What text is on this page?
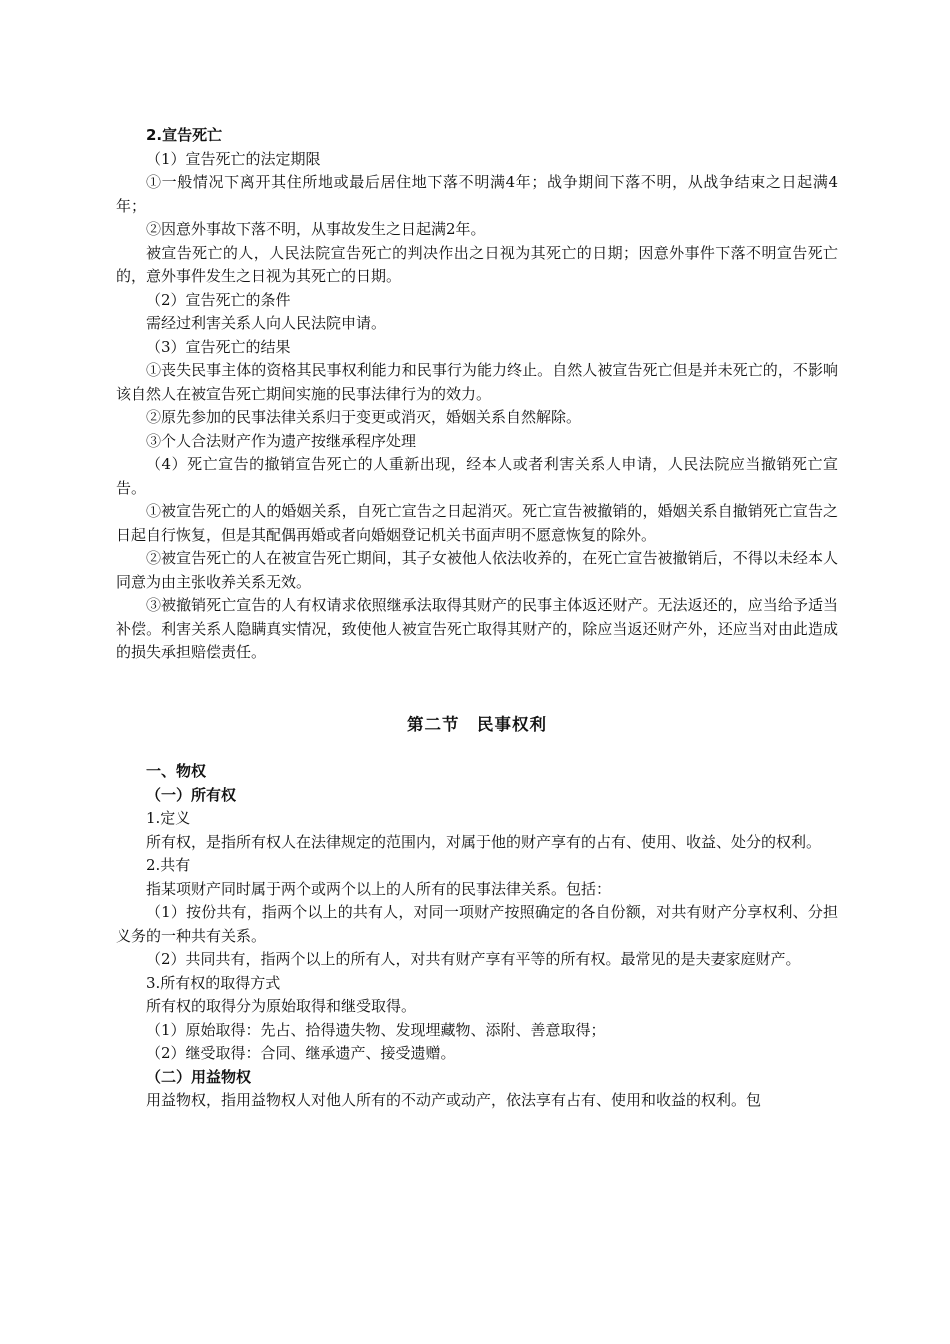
2.宣告死亡

（1）宣告死亡的法定期限

①一般情况下离开其住所地或最后居住地下落不明满4年；战争期间下落不明，从战争结束之日起满4年；

②因意外事故下落不明，从事故发生之日起满2年。

被宣告死亡的人，人民法院宣告死亡的判决作出之日视为其死亡的日期；因意外事件下落不明宣告死亡的，意外事件发生之日视为其死亡的日期。

（2）宣告死亡的条件

需经过利害关系人向人民法院申请。

（3）宣告死亡的结果

①丧失民事主体的资格其民事权利能力和民事行为能力终止。自然人被宣告死亡但是并未死亡的，不影响该自然人在被宣告死亡期间实施的民事法律行为的效力。

②原先参加的民事法律关系归于变更或消灭，婚姻关系自然解除。

③个人合法财产作为遗产按继承程序处理

（4）死亡宣告的撤销宣告死亡的人重新出现，经本人或者利害关系人申请，人民法院应当撤销死亡宣告。

①被宣告死亡的人的婚姻关系，自死亡宣告之日起消灭。死亡宣告被撤销的，婚姻关系自撤销死亡宣告之日起自行恢复，但是其配偶再婚或者向婚姻登记机关书面声明不愿意恢复的除外。

②被宣告死亡的人在被宣告死亡期间，其子女被他人依法收养的，在死亡宣告被撤销后，不得以未经本人同意为由主张收养关系无效。

③被撤销死亡宣告的人有权请求依照继承法取得其财产的民事主体返还财产。无法返还的，应当给予适当补偿。利害关系人隐瞒真实情况，致使他人被宣告死亡取得其财产的，除应当返还财产外，还应当对由此造成的损失承担赔偿责任。

第二节　民事权利

一、物权

（一）所有权

1.定义

所有权，是指所有权人在法律规定的范围内，对属于他的财产享有的占有、使用、收益、处分的权利。

2.共有

指某项财产同时属于两个或两个以上的人所有的民事法律关系。包括：

（1）按份共有，指两个以上的共有人，对同一项财产按照确定的各自份额，对共有财产分享权利、分担义务的一种共有关系。

（2）共同共有，指两个以上的所有人，对共有财产享有平等的所有权。最常见的是夫妻家庭财产。

3.所有权的取得方式

所有权的取得分为原始取得和继受取得。

（1）原始取得：先占、拾得遗失物、发现埋藏物、添附、善意取得；

（2）继受取得：合同、继承遗产、接受遗赠。

（二）用益物权

用益物权，指用益物权人对他人所有的不动产或动产，依法享有占有、使用和收益的权利。包
